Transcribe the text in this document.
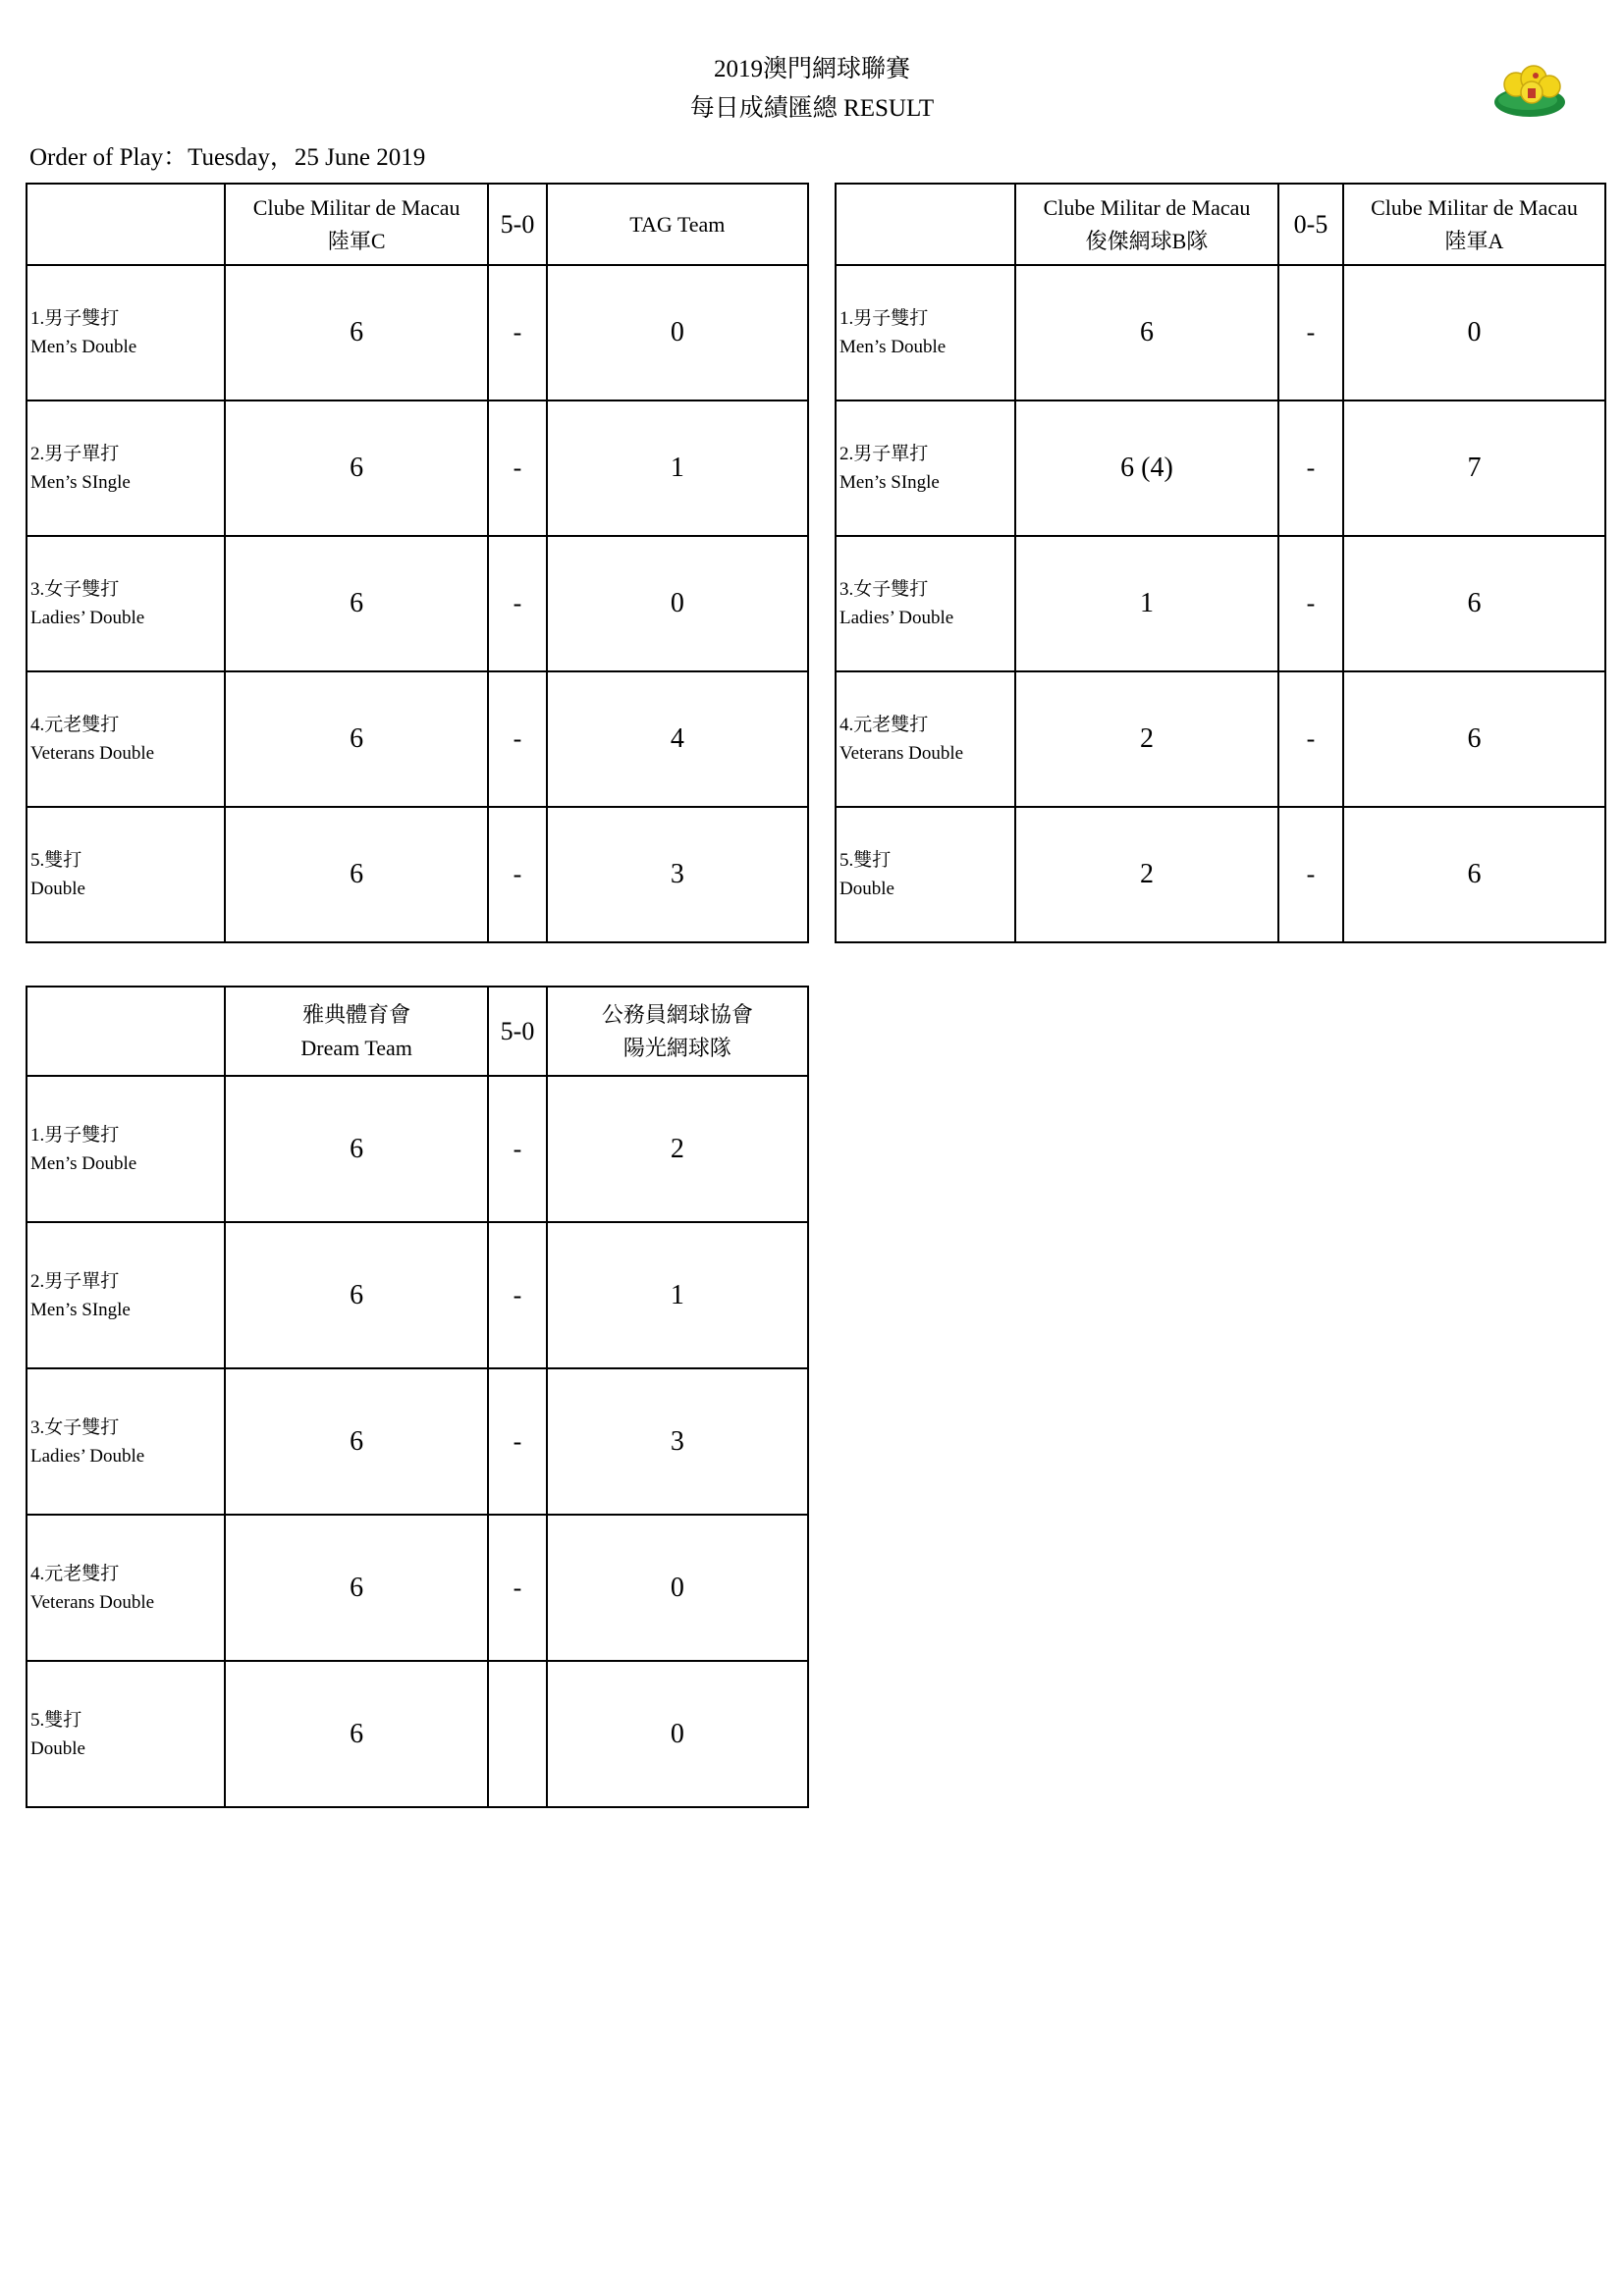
2019澳門網球聯賽
每日成績匯總 RESULT
Order of Play：Tuesday，25 June 2019

	Clube Militar de Macau
陸軍C	5-0	TAG Team

1.男子雙打
Men’s Double	6	-	0

2.男子單打
Men’s SIngle	6	-	1

3.女子雙打
Ladies’ Double	6	-	0

4.元老雙打
Veterans Double	6	-	4

5.雙打
Double	6	-	3

	Clube Militar de Macau
俊傑網球B隊	0-5	Clube Militar de Macau
陸軍A

1.男子雙打
Men’s Double	6	-	0

2.男子單打
Men’s SIngle	6 (4)	-	7

3.女子雙打
Ladies’ Double	1	-	6

4.元老雙打
Veterans Double	2	-	6

5.雙打
Double	2	-	6

	雅典體育會
Dream Team	5-0	公務員網球協會
陽光網球隊

1.男子雙打
Men’s Double	6	-	2

2.男子單打
Men’s SIngle	6	-	1

3.女子雙打
Ladies’ Double	6	-	3

4.元老雙打
Veterans Double	6	-	0

5.雙打
Double	6		0
